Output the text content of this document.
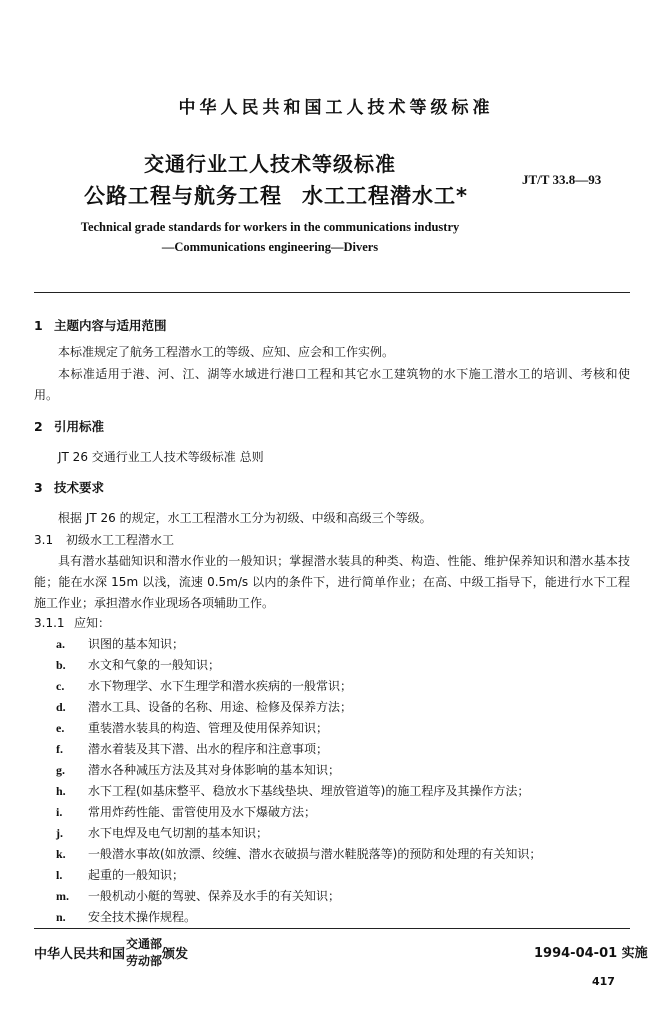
中华人民共和国工人技术等级标准
交通行业工人技术等级标准
公路工程与航务工程 水工工程潜水工*
JT/T 33.8—93
Technical grade standards for workers in the communications industry
—Communications engineering—Divers
1 主题内容与适用范围
本标准规定了航务工程潜水工的等级、应知、应会和工作实例。
本标准适用于港、河、江、湖等水域进行港口工程和其它水工建筑物的水下施工潜水工的培训、考核和使用。
2 引用标准
JT 26 交通行业工人技术等级标准 总则
3 技术要求
根据 JT 26 的规定，水工工程潜水工分为初级、中级和高级三个等级。
3.1 初级水工工程潜水工
具有潜水基础知识和潜水作业的一般知识；掌握潜水装具的种类、构造、性能、维护保养知识和潜水基本技能；能在水深 15m 以浅，流速 0.5m/s 以内的条件下，进行简单作业；在高、中级工指导下，能进行水下工程施工作业；承担潜水作业现场各项辅助工作。
3.1.1 应知：
a. 识图的基本知识；
b. 水文和气象的一般知识；
c. 水下物理学、水下生理学和潜水疾病的一般常识；
d. 潜水工具、设备的名称、用途、检修及保养方法；
e. 重装潜水装具的构造、管理及使用保养知识；
f. 潜水着装及其下潜、出水的程序和注意事项；
g. 潜水各种减压方法及其对身体影响的基本知识；
h. 水下工程(如基床整平、稳放水下基线垫块、埋放管道等)的施工程序及其操作方法；
i. 常用炸药性能、雷管使用及水下爆破方法；
j. 水下电焊及电气切割的基本知识；
k. 一般潜水事故(如放漂、绞缠、潜水衣破损与潜水鞋脱落等)的预防和处理的有关知识；
l. 起重的一般知识；
m. 一般机动小艇的驾驶、保养及水手的有关知识；
n. 安全技术操作规程。
中华人民共和国
交通部
劳动部 颁发	1994-04-01 实施
417
